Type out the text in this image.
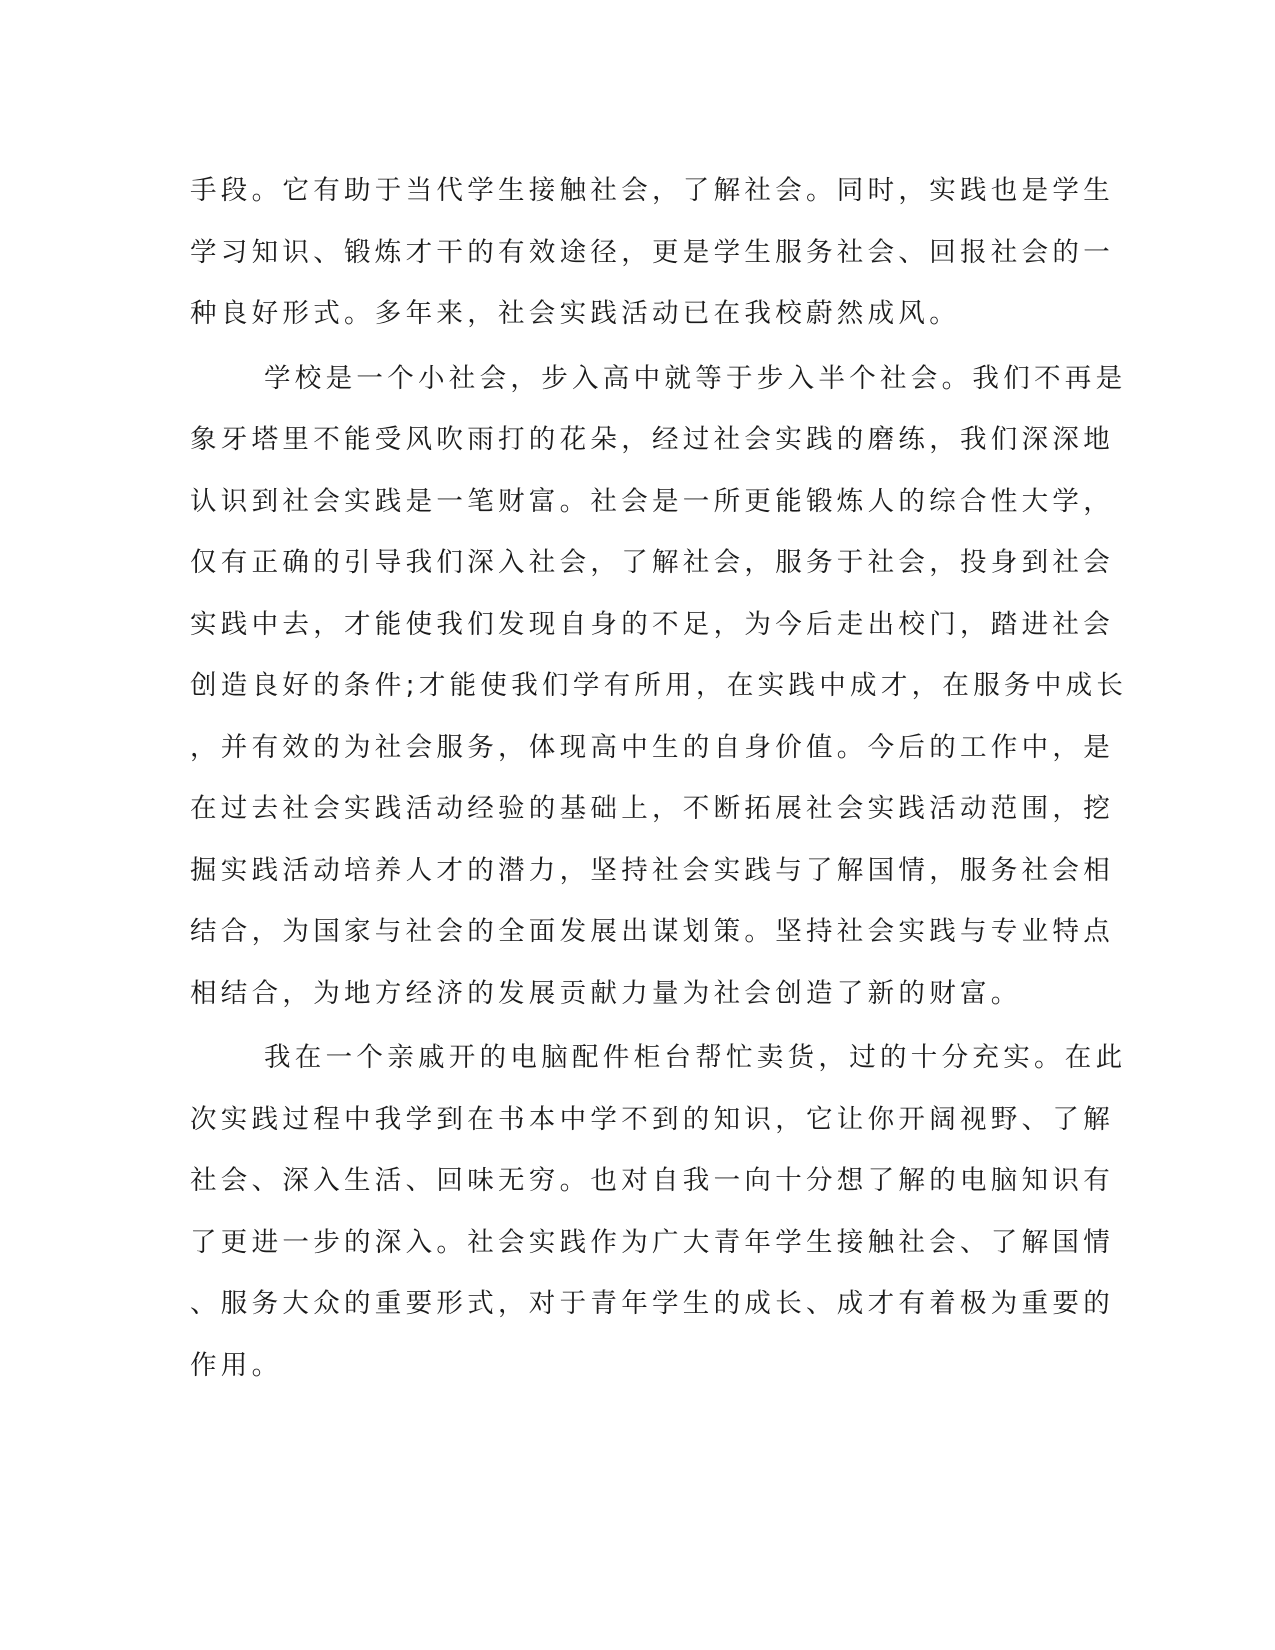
手段。它有助于当代学生接触社会，了解社会。同时，实践也是学生
学习知识、锻炼才干的有效途径，更是学生服务社会、回报社会的一
种良好形式。多年来，社会实践活动已在我校蔚然成风。
学校是一个小社会，步入高中就等于步入半个社会。我们不再是
象牙塔里不能受风吹雨打的花朵，经过社会实践的磨练，我们深深地
认识到社会实践是一笔财富。社会是一所更能锻炼人的综合性大学，
仅有正确的引导我们深入社会，了解社会，服务于社会，投身到社会
实践中去，才能使我们发现自身的不足，为今后走出校门，踏进社会
创造良好的条件;才能使我们学有所用，在实践中成才，在服务中成长
，并有效的为社会服务，体现高中生的自身价值。今后的工作中，是
在过去社会实践活动经验的基础上，不断拓展社会实践活动范围，挖
掘实践活动培养人才的潜力，坚持社会实践与了解国情，服务社会相
结合，为国家与社会的全面发展出谋划策。坚持社会实践与专业特点
相结合，为地方经济的发展贡献力量为社会创造了新的财富。
我在一个亲戚开的电脑配件柜台帮忙卖货，过的十分充实。在此
次实践过程中我学到在书本中学不到的知识，它让你开阔视野、了解
社会、深入生活、回味无穷。也对自我一向十分想了解的电脑知识有
了更进一步的深入。社会实践作为广大青年学生接触社会、了解国情
、服务大众的重要形式，对于青年学生的成长、成才有着极为重要的
作用。
